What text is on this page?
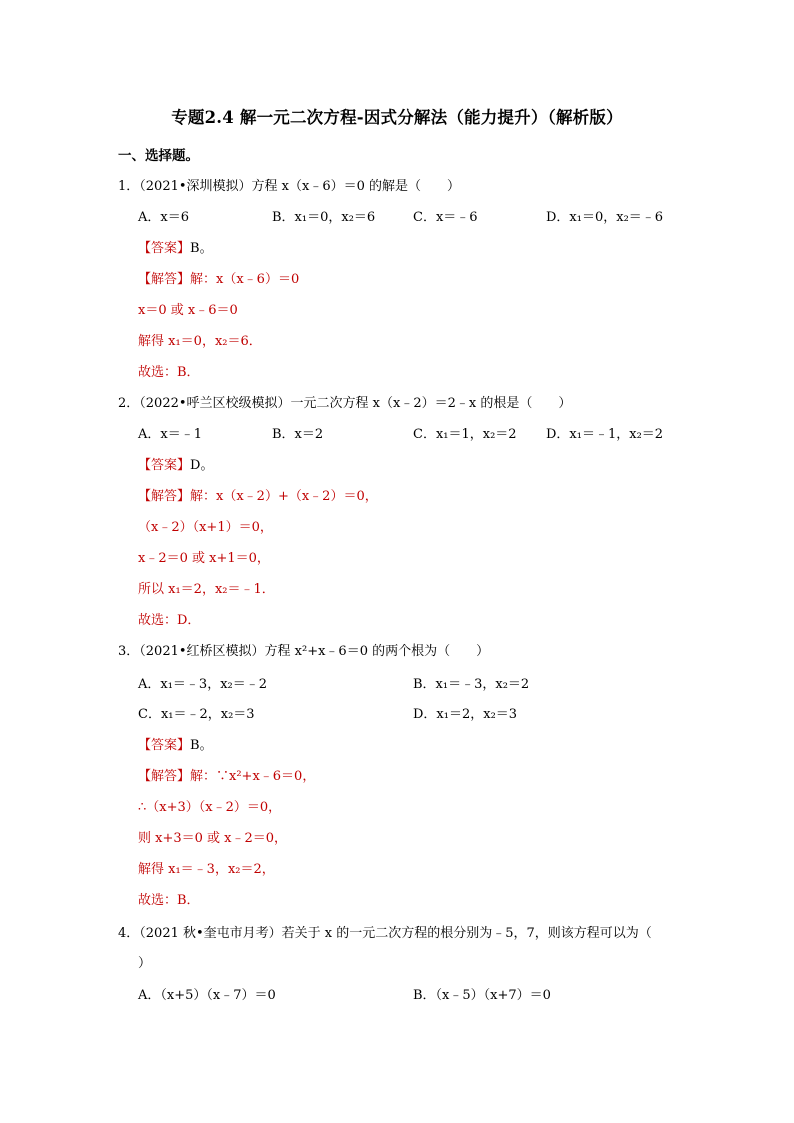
专题2.4 解一元二次方程-因式分解法（能力提升）（解析版）
一、选择题。
1．（2021•深圳模拟）方程 x（x﹣6）＝0 的解是（　　）
A．x＝6	B．x₁＝0，x₂＝6	C．x＝﹣6	D．x₁＝0，x₂＝﹣6
【答案】B。
【解答】解：x（x﹣6）＝0
x＝0 或 x﹣6＝0
解得 x₁＝0，x₂＝6．
故选：B．
2．（2022•呼兰区校级模拟）一元二次方程 x（x﹣2）＝2﹣x 的根是（　　）
A．x＝﹣1	B．x＝2	C．x₁＝1，x₂＝2 D．x₁＝﹣1，x₂＝2
【答案】D。
【解答】解：x（x﹣2）+（x﹣2）＝0，
（x﹣2）（x+1）＝0，
x﹣2＝0 或 x+1＝0，
所以 x₁＝2，x₂＝﹣1．
故选：D．
3．（2021•红桥区模拟）方程 x²+x﹣6＝0 的两个根为（　　）
A．x₁＝﹣3，x₂＝﹣2	B．x₁＝﹣3，x₂＝2
C．x₁＝﹣2，x₂＝3	D．x₁＝2，x₂＝3
【答案】B。
【解答】解：∵x²+x﹣6＝0，
∴（x+3）（x﹣2）＝0，
则 x+3＝0 或 x﹣2＝0，
解得 x₁＝﹣3，x₂＝2，
故选：B．
4．（2021 秋•奎屯市月考）若关于 x 的一元二次方程的根分别为﹣5，7，则该方程可以为（
）
A．（x+5）（x﹣7）＝0	B．（x﹣5）（x+7）＝0
